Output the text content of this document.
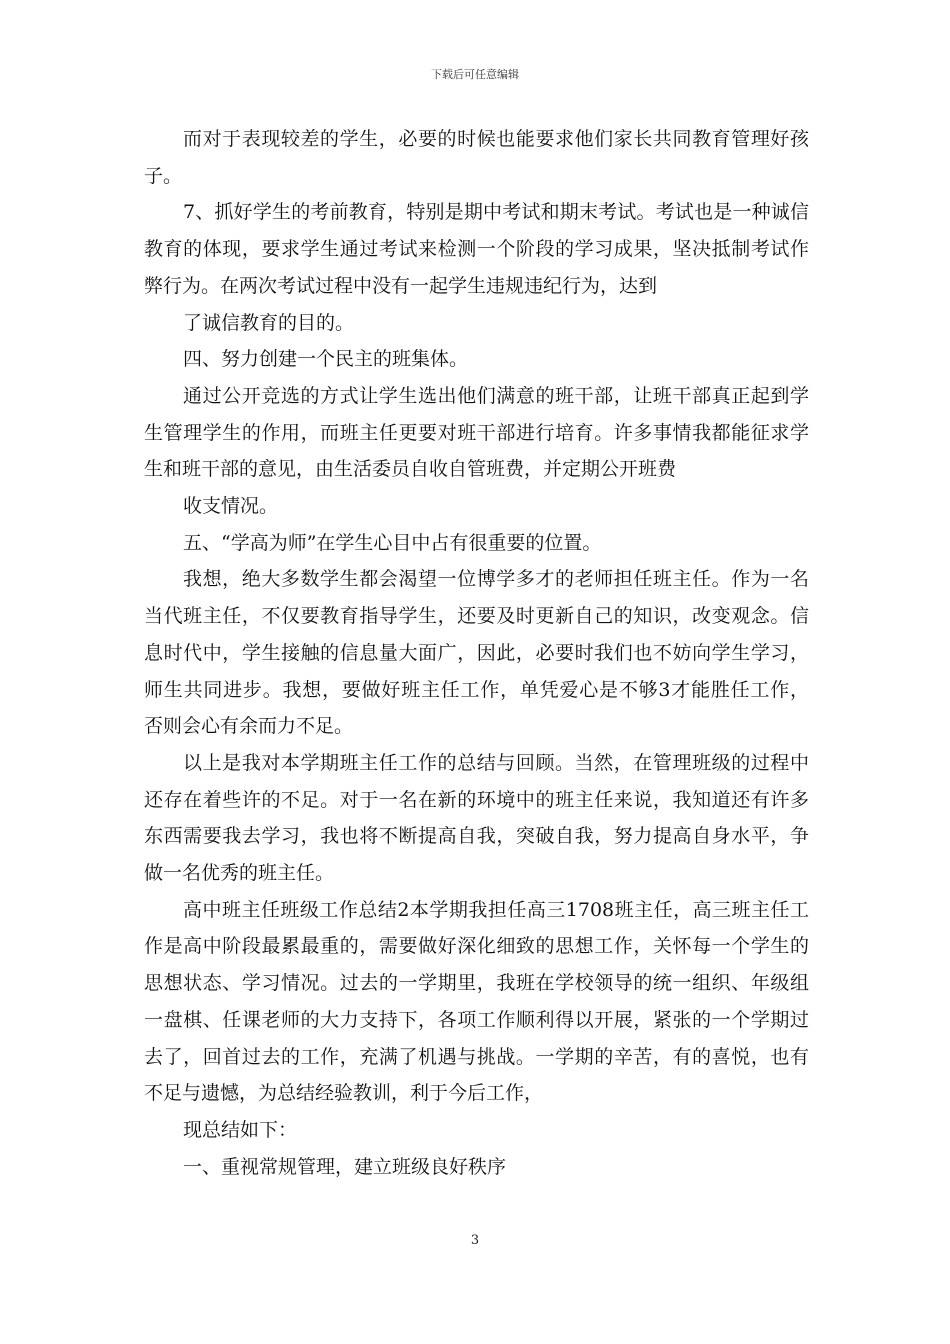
下载后可任意编辑
而对于表现较差的学生，必要的时候也能要求他们家长共同教育管理好孩
子。
7、抓好学生的考前教育，特别是期中考试和期末考试。考试也是一种诚信
教育的体现，要求学生通过考试来检测一个阶段的学习成果，坚决抵制考试作
弊行为。在两次考试过程中没有一起学生违规违纪行为，达到
了诚信教育的目的。
四、努力创建一个民主的班集体。
通过公开竞选的方式让学生选出他们满意的班干部，让班干部真正起到学
生管理学生的作用，而班主任更要对班干部进行培育。许多事情我都能征求学
生和班干部的意见，由生活委员自收自管班费，并定期公开班费
收支情况。
五、“学高为师”在学生心目中占有很重要的位置。
我想，绝大多数学生都会渴望一位博学多才的老师担任班主任。作为一名
当代班主任，不仅要教育指导学生，还要及时更新自己的知识，改变观念。信
息时代中，学生接触的信息量大面广，因此，必要时我们也不妨向学生学习，
师生共同进步。我想，要做好班主任工作，单凭爱心是不够3才能胜任工作，
否则会心有余而力不足。
以上是我对本学期班主任工作的总结与回顾。当然，在管理班级的过程中
还存在着些许的不足。对于一名在新的环境中的班主任来说，我知道还有许多
东西需要我去学习，我也将不断提高自我，突破自我，努力提高自身水平，争
做一名优秀的班主任。
高中班主任班级工作总结2本学期我担任高三1708班主任，高三班主任工
作是高中阶段最累最重的，需要做好深化细致的思想工作，关怀每一个学生的
思想状态、学习情况。过去的一学期里，我班在学校领导的统一组织、年级组
一盘棋、任课老师的大力支持下，各项工作顺利得以开展，紧张的一个学期过
去了，回首过去的工作，充满了机遇与挑战。一学期的辛苦，有的喜悦，也有
不足与遗憾，为总结经验教训，利于今后工作，
现总结如下：
一、重视常规管理，建立班级良好秩序
3
